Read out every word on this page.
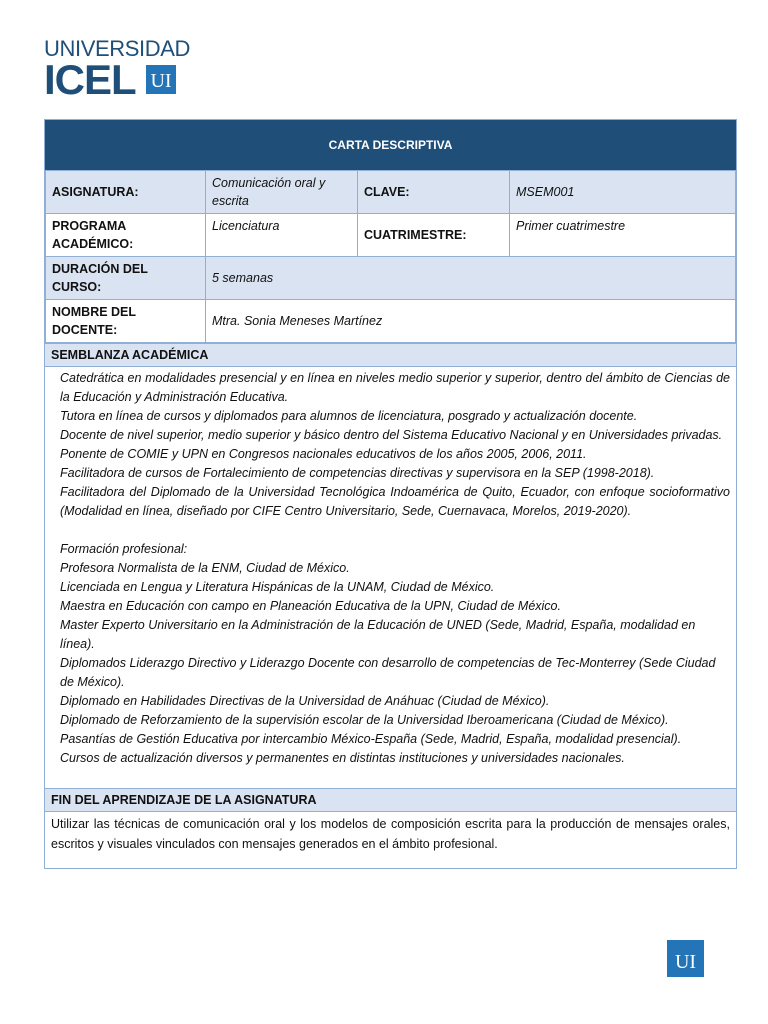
UNIVERSIDAD
ICEL UI
CARTA DESCRIPTIVA
ASIGNATURA:	Comunicación oral y escrita	CLAVE:	MSEM001
PROGRAMA ACADÉMICO:	Licenciatura	CUATRIMESTRE:	Primer cuatrimestre
DURACIÓN DEL CURSO:	5 semanas		
NOMBRE DEL DOCENTE:	Mtra. Sonia Meneses Martínez		
SEMBLANZA ACADÉMICA

Catedrática en modalidades presencial y en línea en niveles medio superior y superior, dentro del ámbito de Ciencias de la Educación y Administración Educativa.

Tutora en línea de cursos y diplomados para alumnos de licenciatura, posgrado y actualización docente.

Docente de nivel superior, medio superior y básico dentro del Sistema Educativo Nacional y en Universidades privadas.

Ponente de COMIE y UPN en Congresos nacionales educativos de los años 2005, 2006, 2011.

Facilitadora de cursos de Fortalecimiento de competencias directivas y supervisora en la SEP (1998-2018).

Facilitadora del Diplomado de la Universidad Tecnológica Indoamérica de Quito, Ecuador, con enfoque socioformativo (Modalidad en línea, diseñado por CIFE Centro Universitario, Sede, Cuernavaca, Morelos, 2019-2020).

Formación profesional:

Profesora Normalista de la ENM, Ciudad de México.

Licenciada en Lengua y Literatura Hispánicas de la UNAM, Ciudad de México.

Maestra en Educación con campo en Planeación Educativa de la UPN, Ciudad de México.

Master Experto Universitario en la Administración de la Educación de UNED (Sede, Madrid, España, modalidad en línea).

Diplomados Liderazgo Directivo y Liderazgo Docente con desarrollo de competencias de Tec-Monterrey (Sede Ciudad de México).

Diplomado en Habilidades Directivas de la Universidad de Anáhuac (Ciudad de México).

Diplomado de Reforzamiento de la supervisión escolar de la Universidad Iberoamericana (Ciudad de México).

Pasantías de Gestión Educativa por intercambio México-España (Sede, Madrid, España, modalidad presencial).

Cursos de actualización diversos y permanentes en distintas instituciones y universidades nacionales.

FIN DEL APRENDIZAJE DE LA ASIGNATURA
Utilizar las técnicas de comunicación oral y los modelos de composición escrita para la producción de mensajes orales, escritos y visuales vinculados con mensajes generados en el ámbito profesional.
UI
